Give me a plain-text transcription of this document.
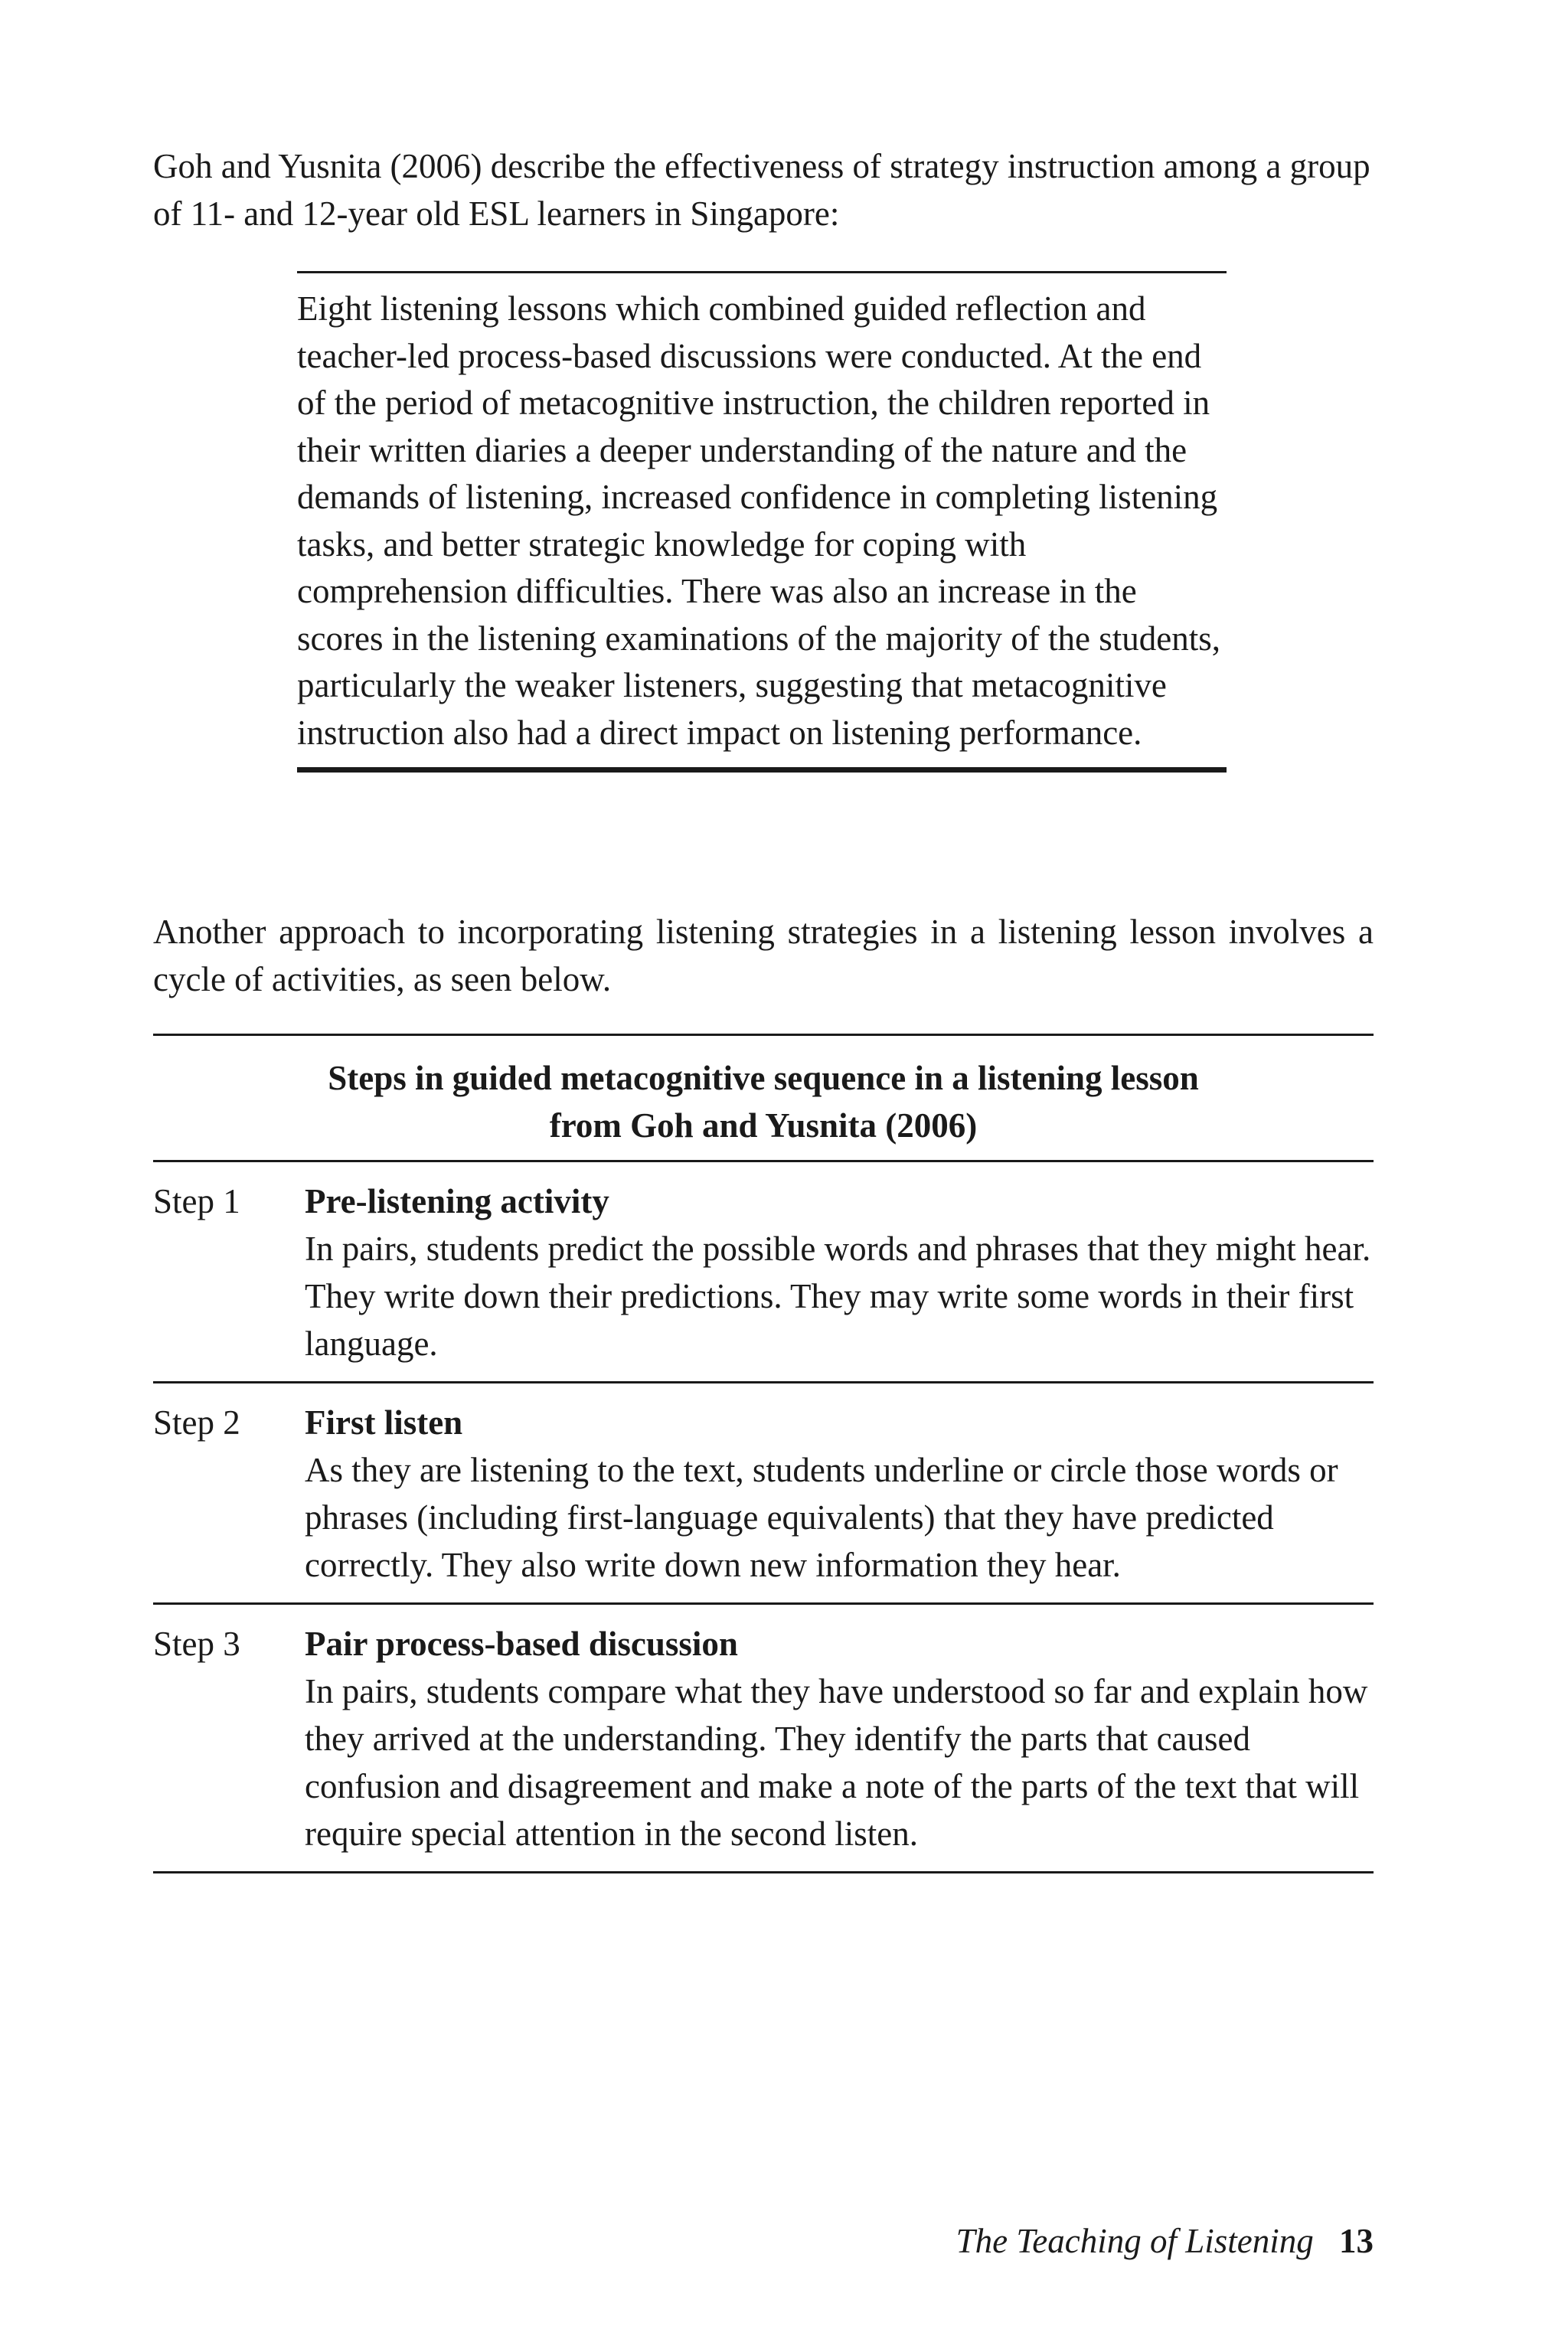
Goh and Yusnita (2006) describe the effectiveness of strategy instruction among a group of 11- and 12-year old ESL learners in Singapore:

Eight listening lessons which combined guided reflection and teacher-led process-based discussions were conducted. At the end of the period of metacognitive instruction, the children reported in their written diaries a deeper understanding of the nature and the demands of listening, increased confidence in completing listening tasks, and better strategic knowledge for coping with comprehension difficulties. There was also an increase in the scores in the listening examinations of the majority of the students, particularly the weaker listeners, suggesting that metacognitive instruction also had a direct impact on listening performance.

Another approach to incorporating listening strategies in a listening lesson involves a cycle of activities, as seen below.

Steps in guided metacognitive sequence in a listening lesson
from Goh and Yusnita (2006)
Step 1	Pre-listening activity
In pairs, students predict the possible words and phrases that they might hear. They write down their predictions. They may write some words in their first language.
Step 2	First listen
As they are listening to the text, students underline or circle those words or phrases (including first-language equivalents) that they have predicted correctly. They also write down new information they hear.
Step 3	Pair process-based discussion
In pairs, students compare what they have understood so far and explain how they arrived at the understanding. They identify the parts that caused confusion and disagreement and make a note of the parts of the text that will require special attention in the second listen.
The Teaching of Listening 13
